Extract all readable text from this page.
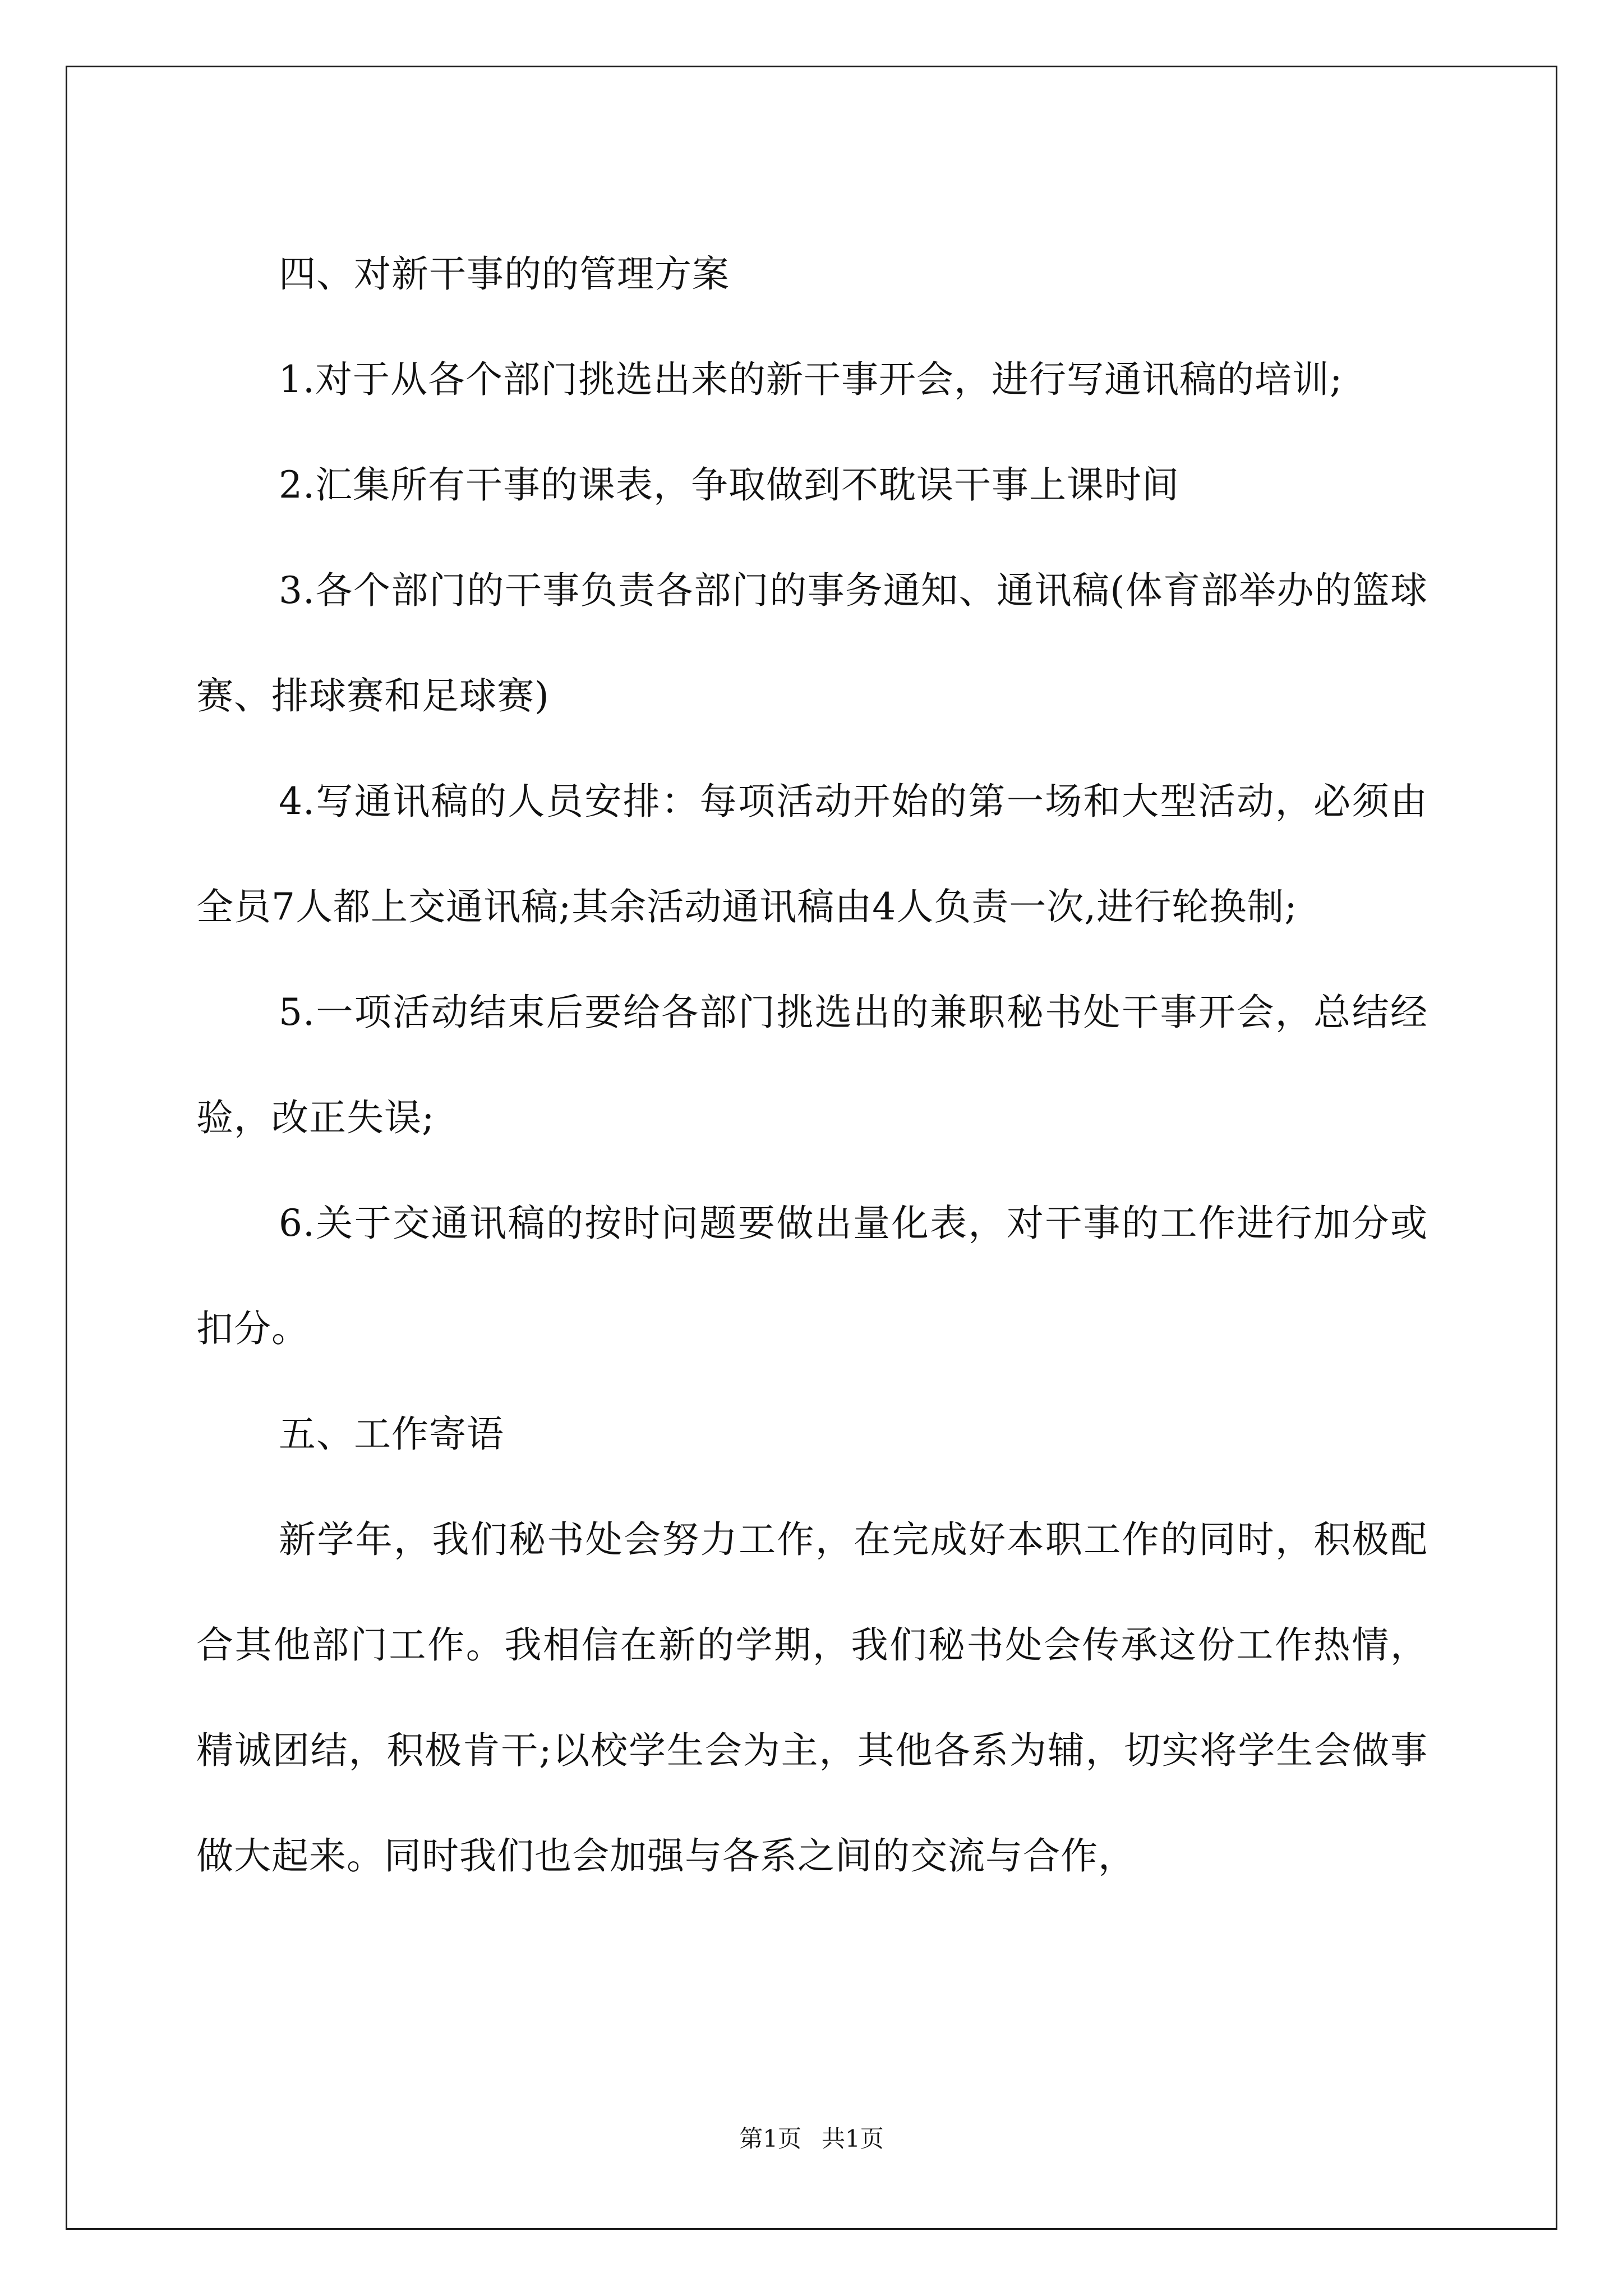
四、对新干事的的管理方案

1.对于从各个部门挑选出来的新干事开会，进行写通讯稿的培训;

2.汇集所有干事的课表，争取做到不耽误干事上课时间

3.各个部门的干事负责各部门的事务通知、通讯稿(体育部举办的篮球赛、排球赛和足球赛)

4.写通讯稿的人员安排：每项活动开始的第一场和大型活动，必须由全员7人都上交通讯稿;其余活动通讯稿由4人负责一次,进行轮换制;

5.一项活动结束后要给各部门挑选出的兼职秘书处干事开会，总结经验，改正失误;

6.关于交通讯稿的按时问题要做出量化表，对干事的工作进行加分或扣分。

五、工作寄语

新学年，我们秘书处会努力工作，在完成好本职工作的同时，积极配合其他部门工作。我相信在新的学期，我们秘书处会传承这份工作热情，精诚团结，积极肯干;以校学生会为主，其他各系为辅，切实将学生会做事做大起来。同时我们也会加强与各系之间的交流与合作，

第1页 共1页
